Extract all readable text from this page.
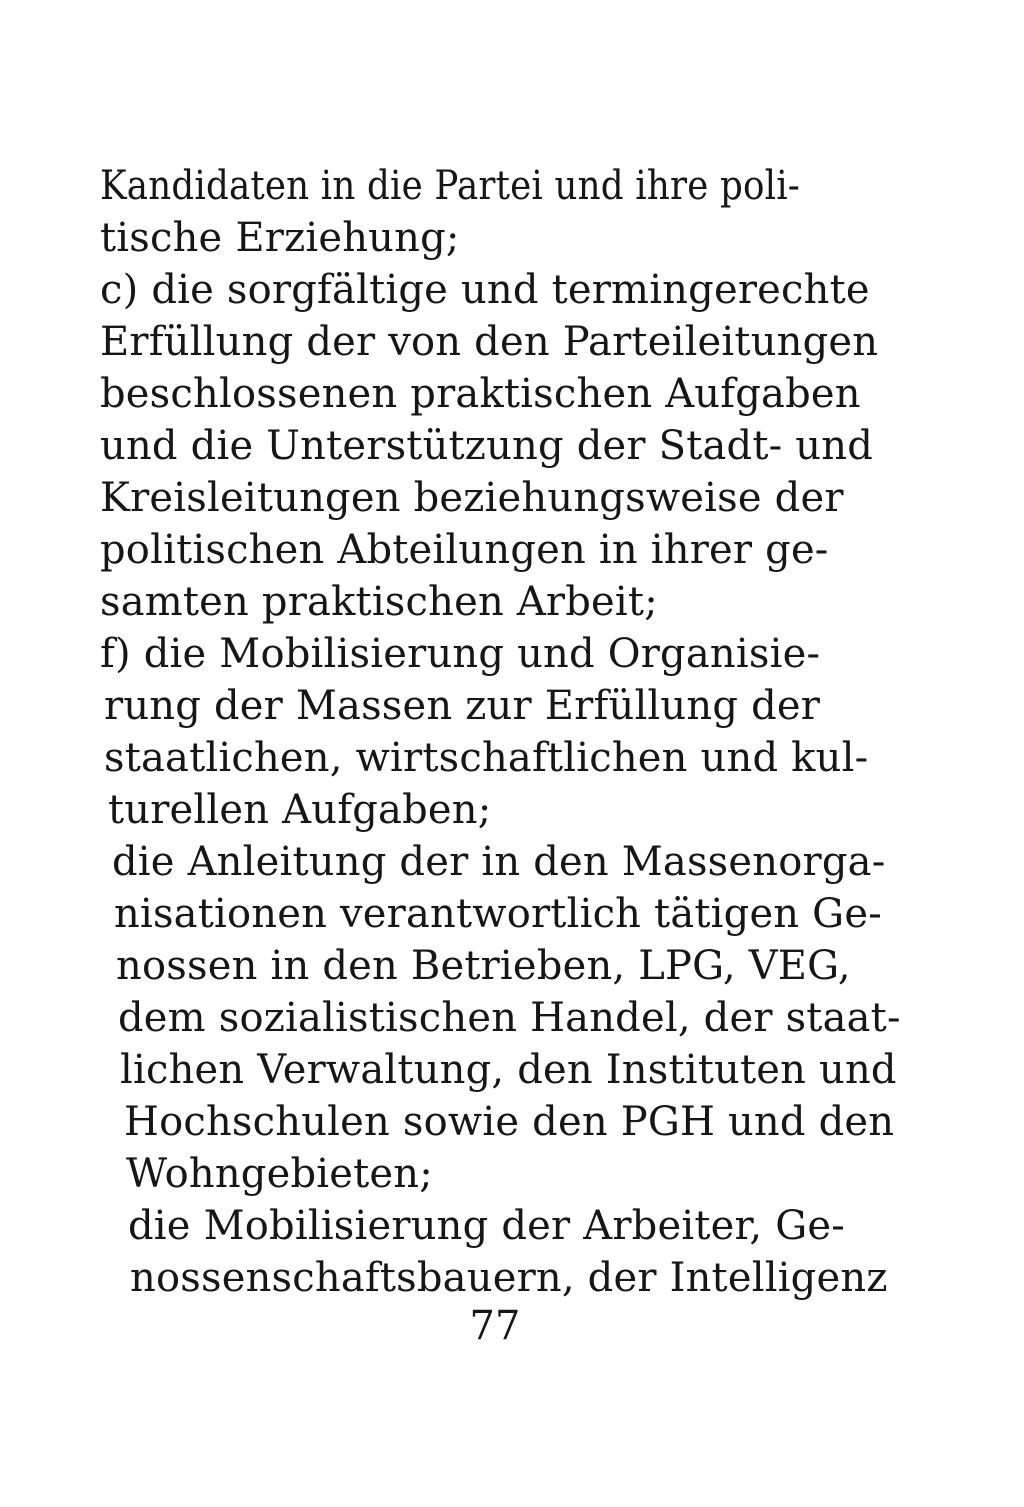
Kandidaten in die Partei und ihre poli-
tische Erziehung;
c) die sorgfältige und termingerechte
Erfüllung der von den Parteileitungen
beschlossenen praktischen Aufgaben
und die Unterstützung der Stadt- und
Kreisleitungen beziehungsweise der
politischen Abteilungen in ihrer ge-
samten praktischen Arbeit;
f) die Mobilisierung und Organisie-
rung der Massen zur Erfüllung der
staatlichen, wirtschaftlichen und kul-
turellen Aufgaben;
die Anleitung der in den Massenorga-
nisationen verantwortlich tätigen Ge-
nossen in den Betrieben, LPG, VEG,
dem sozialistischen Handel, der staat-
lichen Verwaltung, den Instituten und
Hochschulen sowie den PGH und den
Wohngebieten;
die Mobilisierung der Arbeiter, Ge-
nossenschaftsbauern, der Intelligenz
77
